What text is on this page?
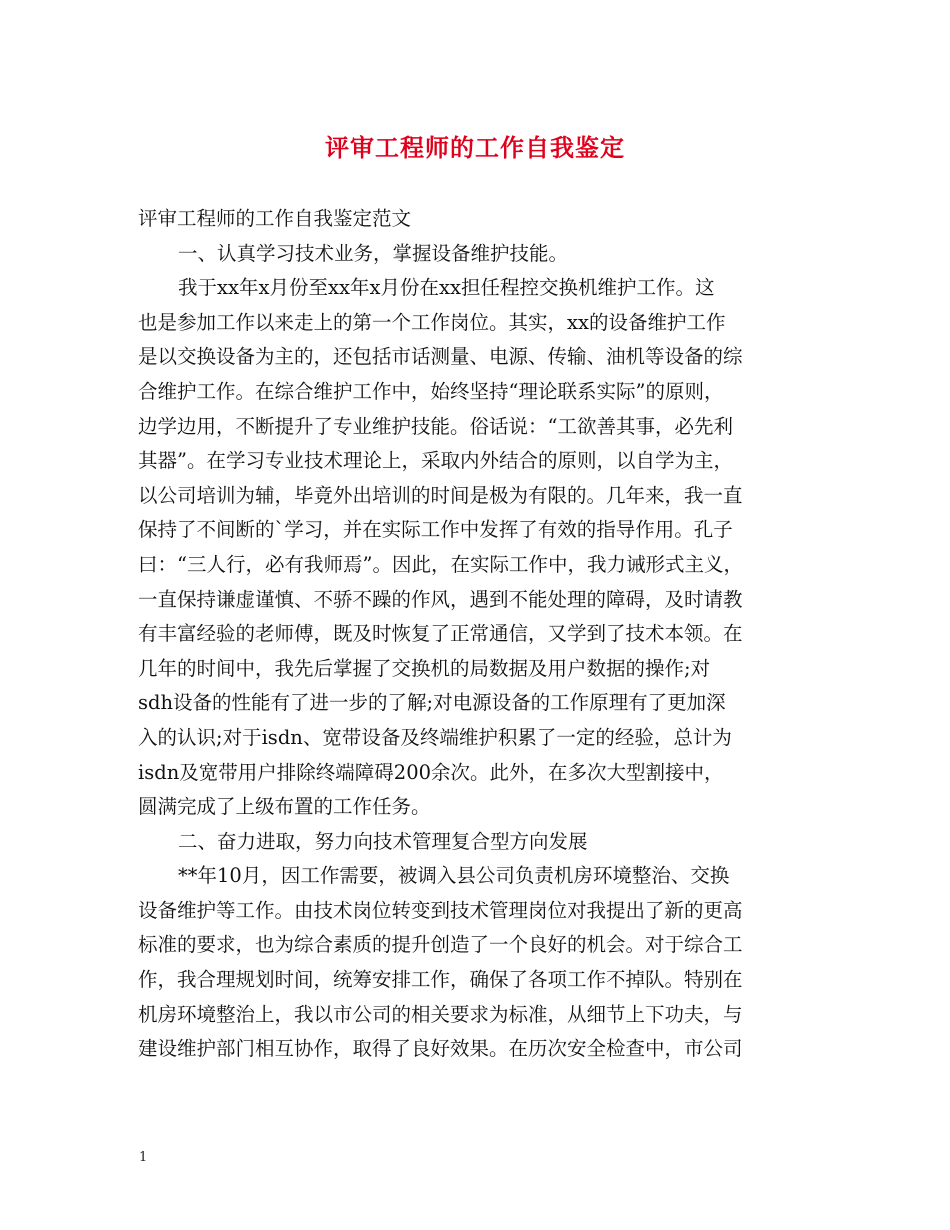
评审工程师的工作自我鉴定
评审工程师的工作自我鉴定范文
一、认真学习技术业务，掌握设备维护技能。
我于xx年x月份至xx年x月份在xx担任程控交换机维护工作。这
也是参加工作以来走上的第一个工作岗位。其实，xx的设备维护工作
是以交换设备为主的，还包括市话测量、电源、传输、油机等设备的综
合维护工作。在综合维护工作中，始终坚持“理论联系实际”的原则，
边学边用，不断提升了专业维护技能。俗话说：“工欲善其事，必先利
其器”。在学习专业技术理论上，采取内外结合的原则，以自学为主，
以公司培训为辅，毕竟外出培训的时间是极为有限的。几年来，我一直
保持了不间断的`学习，并在实际工作中发挥了有效的指导作用。孔子
曰：“三人行，必有我师焉”。因此，在实际工作中，我力诫形式主义，
一直保持谦虚谨慎、不骄不躁的作风，遇到不能处理的障碍，及时请教
有丰富经验的老师傅，既及时恢复了正常通信，又学到了技术本领。在
几年的时间中，我先后掌握了交换机的局数据及用户数据的操作;对
sdh设备的性能有了进一步的了解;对电源设备的工作原理有了更加深
入的认识;对于isdn、宽带设备及终端维护积累了一定的经验，总计为
isdn及宽带用户排除终端障碍200余次。此外，在多次大型割接中，
圆满完成了上级布置的工作任务。
二、奋力进取，努力向技术管理复合型方向发展
**年10月，因工作需要，被调入县公司负责机房环境整治、交换
设备维护等工作。由技术岗位转变到技术管理岗位对我提出了新的更高
标准的要求，也为综合素质的提升创造了一个良好的机会。对于综合工
作，我合理规划时间，统筹安排工作，确保了各项工作不掉队。特别在
机房环境整治上，我以市公司的相关要求为标准，从细节上下功夫，与
建设维护部门相互协作，取得了良好效果。在历次安全检查中，市公司
1
